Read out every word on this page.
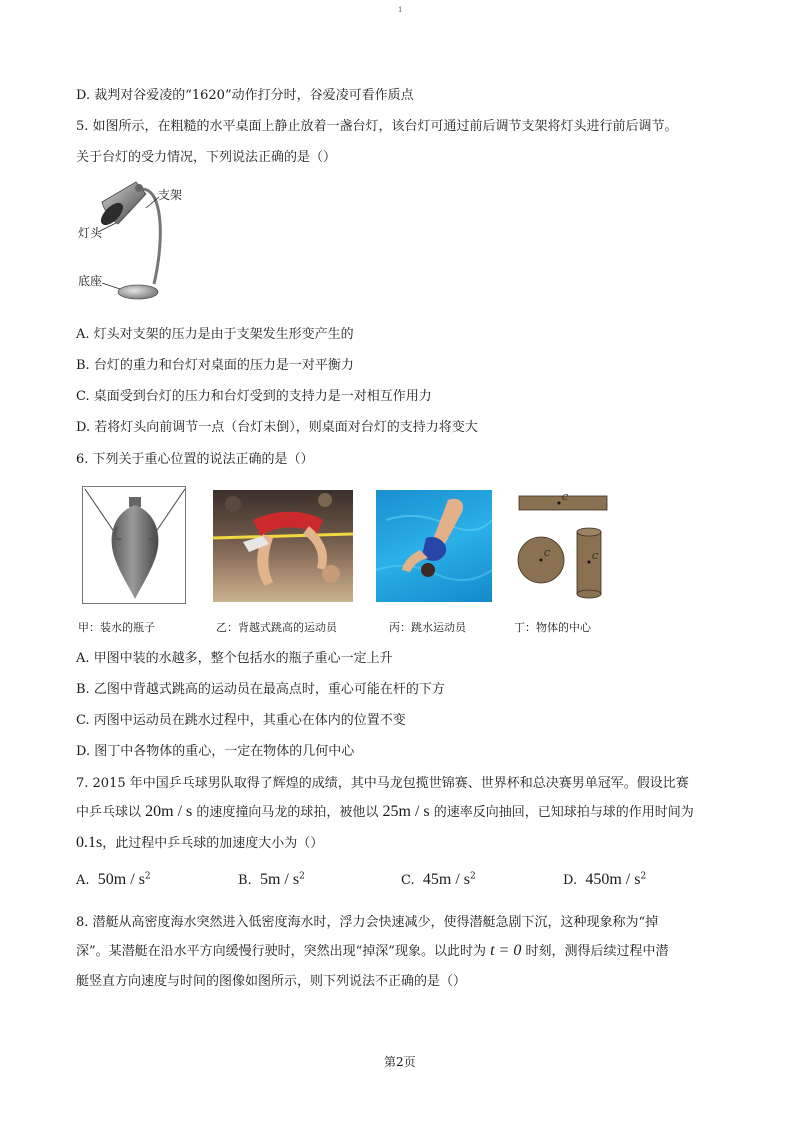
1
D. 裁判对谷爱凌的“1620”动作打分时，谷爱凌可看作质点
5. 如图所示，在粗糙的水平桌面上静止放着一盏台灯，该台灯可通过前后调节支架将灯头进行前后调节。
关于台灯的受力情况，下列说法正确的是（）
支架
灯头
底座
A. 灯头对支架的压力是由于支架发生形变产生的
B. 台灯的重力和台灯对桌面的压力是一对平衡力
C. 桌面受到台灯的压力和台灯受到的支持力是一对相互作用力
D. 若将灯头向前调节一点（台灯未倒），则桌面对台灯的支持力将变大
6. 下列关于重心位置的说法正确的是（）
C
C	C
甲：装水的瓶子	乙：背越式跳高的运动员	丙：跳水运动员	丁：物体的中心
A. 甲图中装的水越多，整个包括水的瓶子重心一定上升
B. 乙图中背越式跳高的运动员在最高点时，重心可能在杆的下方
C. 丙图中运动员在跳水过程中，其重心在体内的位置不变
D. 图丁中各物体的重心，一定在物体的几何中心
7. 2015 年中国乒乓球男队取得了辉煌的成绩，其中马龙包揽世锦赛、世界杯和总决赛男单冠军。假设比赛
中乒乓球以 20m / s 的速度撞向马龙的球拍，被他以 25m / s 的速率反向抽回，已知球拍与球的作用时间为
0.1s，此过程中乒乓球的加速度大小为（）
A. $50m / s^2$	B. $5m / s^2$	C. $45m / s^2$	D. $450m / s^2$
8. 潜艇从高密度海水突然进入低密度海水时，浮力会快速减少，使得潜艇急剧下沉，这种现象称为“掉
深”。某潜艇在沿水平方向缓慢行驶时，突然出现“掉深”现象。以此时为 t = 0 时刻，测得后续过程中潜
艇竖直方向速度与时间的图像如图所示，则下列说法不正确的是（）
第2页
